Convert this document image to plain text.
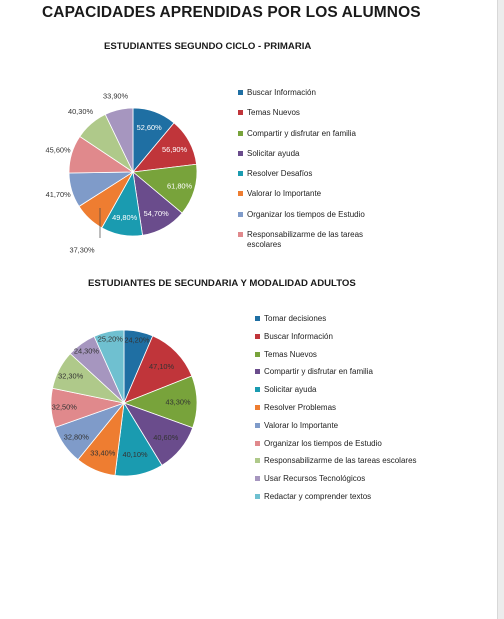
CAPACIDADES APRENDIDAS POR LOS ALUMNOS
ESTUDIANTES SEGUNDO CICLO - PRIMARIA
ESTUDIANTES DE SECUNDARIA Y MODALIDAD ADULTOS
52,60%
56,90%
61,80%
54,70%
49,80%
37,30%
41,70%
45,60%
40,30%
33,90%
24,20%
47,10%
43,30%
40,60%
40,10%
33,40%
32,80%
32,50%
32,30%
24,30%
25,20%
Buscar Información
Temas Nuevos
Compartir y disfrutar en familia
Solicitar ayuda
Resolver Desafíos
Valorar lo Importante
Organizar los tiempos de Estudio
Responsabilizarme de las tareas
escolares
Tomar decisiones
Buscar Información
Temas Nuevos
Compartir y disfrutar en familia
Solicitar ayuda
Resolver Problemas
Valorar lo Importante
Organizar los tiempos de Estudio
Responsabilizarme de las tareas escolares
Usar Recursos Tecnológicos
Redactar y comprender textos
